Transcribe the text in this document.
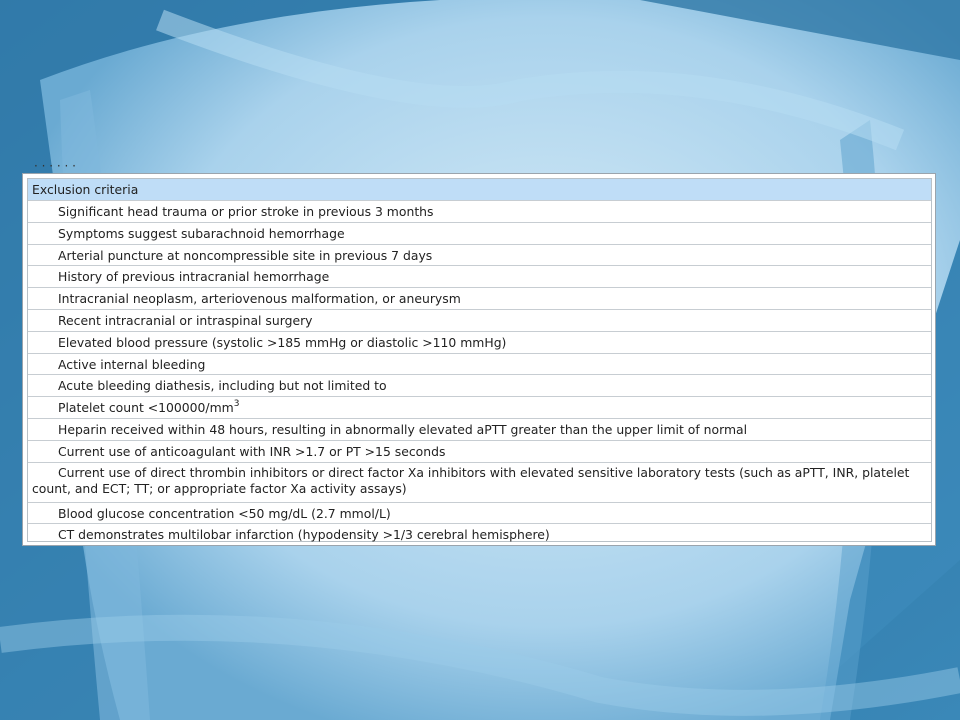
· · · · · ·
Exclusion criteria
Significant head trauma or prior stroke in previous 3 months
Symptoms suggest subarachnoid hemorrhage
Arterial puncture at noncompressible site in previous 7 days
History of previous intracranial hemorrhage
Intracranial neoplasm, arteriovenous malformation, or aneurysm
Recent intracranial or intraspinal surgery
Elevated blood pressure (systolic >185 mmHg or diastolic >110 mmHg)
Active internal bleeding
Acute bleeding diathesis, including but not limited to
Platelet count $<100000/mm^3$
Heparin received within 48 hours, resulting in abnormally elevated aPTT greater than the upper limit of normal
Current use of anticoagulant with INR >1.7 or PT >15 seconds
Current use of direct thrombin inhibitors or direct factor Xa inhibitors with elevated sensitive laboratory tests (such as aPTT, INR, platelet count, and ECT; TT; or appropriate factor Xa activity assays)
Blood glucose concentration <50 mg/dL (2.7 mmol/L)
CT demonstrates multilobar infarction (hypodensity >1/3 cerebral hemisphere)
